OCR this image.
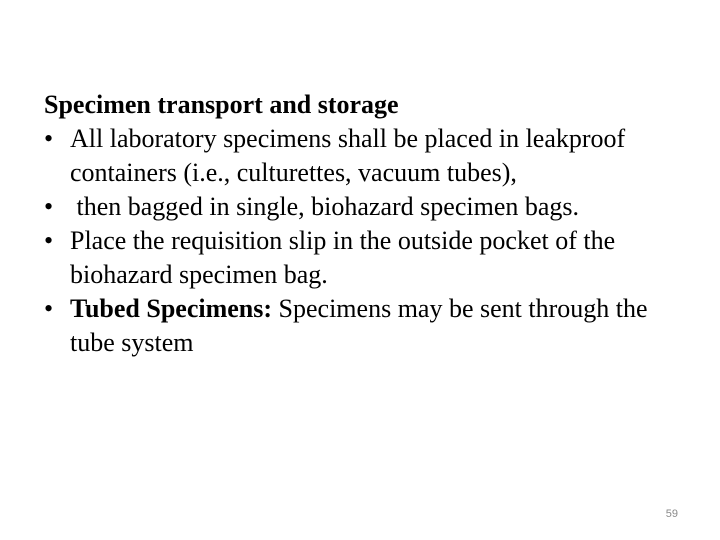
Specimen transport and storage

• All laboratory specimens shall be placed in leakproof containers (i.e., culturettes, vacuum tubes),
• then bagged in single, biohazard specimen bags.
• Place the requisition slip in the outside pocket of the biohazard specimen bag.
• Tubed Specimens: Specimens may be sent through the tube system
59
